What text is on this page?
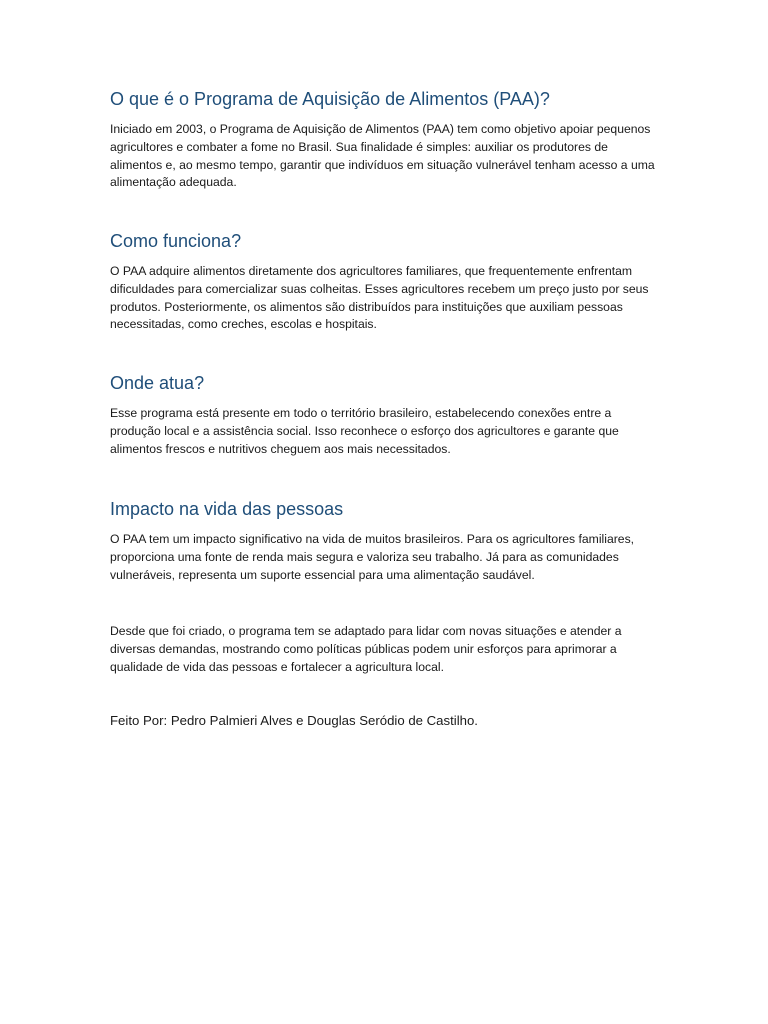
O que é o Programa de Aquisição de Alimentos (PAA)?

Iniciado em 2003, o Programa de Aquisição de Alimentos (PAA) tem como objetivo apoiar pequenos agricultores e combater a fome no Brasil. Sua finalidade é simples: auxiliar os produtores de alimentos e, ao mesmo tempo, garantir que indivíduos em situação vulnerável tenham acesso a uma alimentação adequada.

Como funciona?

O PAA adquire alimentos diretamente dos agricultores familiares, que frequentemente enfrentam dificuldades para comercializar suas colheitas. Esses agricultores recebem um preço justo por seus produtos. Posteriormente, os alimentos são distribuídos para instituições que auxiliam pessoas necessitadas, como creches, escolas e hospitais.

Onde atua?

Esse programa está presente em todo o território brasileiro, estabelecendo conexões entre a produção local e a assistência social. Isso reconhece o esforço dos agricultores e garante que alimentos frescos e nutritivos cheguem aos mais necessitados.

Impacto na vida das pessoas

O PAA tem um impacto significativo na vida de muitos brasileiros. Para os agricultores familiares, proporciona uma fonte de renda mais segura e valoriza seu trabalho. Já para as comunidades vulneráveis, representa um suporte essencial para uma alimentação saudável.

Desde que foi criado, o programa tem se adaptado para lidar com novas situações e atender a diversas demandas, mostrando como políticas públicas podem unir esforços para aprimorar a qualidade de vida das pessoas e fortalecer a agricultura local.

Feito Por: Pedro Palmieri Alves e Douglas Seródio de Castilho.
